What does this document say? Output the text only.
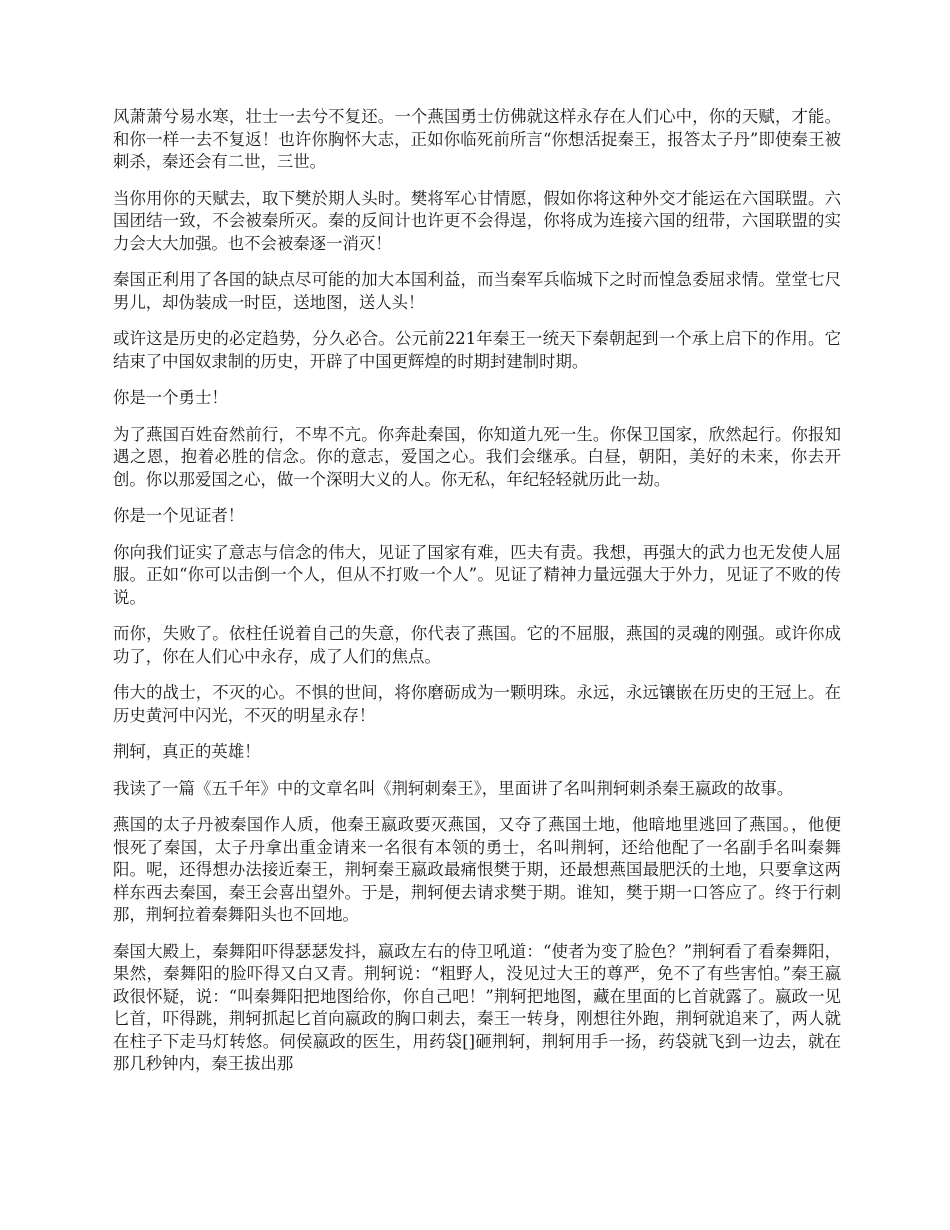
风萧萧兮易水寒，壮士一去兮不复还。一个燕国勇士仿佛就这样永存在人们心中，你的天赋，才能。和你一样一去不复返！也许你胸怀大志，正如你临死前所言“你想活捉秦王，报答太子丹”即使秦王被刺杀，秦还会有二世，三世。

当你用你的天赋去，取下樊於期人头时。樊将军心甘情愿，假如你将这种外交才能运在六国联盟。六国团结一致，不会被秦所灭。秦的反间计也许更不会得逞，你将成为连接六国的纽带，六国联盟的实力会大大加强。也不会被秦逐一消灭！

秦国正利用了各国的缺点尽可能的加大本国利益，而当秦军兵临城下之时而惶急委屈求情。堂堂七尺男儿，却伪装成一时臣，送地图，送人头！

或许这是历史的必定趋势，分久必合。公元前221年秦王一统天下秦朝起到一个承上启下的作用。它结束了中国奴隶制的历史，开辟了中国更辉煌的时期封建制时期。

你是一个勇士！

为了燕国百姓奋然前行，不卑不亢。你奔赴秦国，你知道九死一生。你保卫国家，欣然起行。你报知遇之恩，抱着必胜的信念。你的意志，爱国之心。我们会继承。白昼，朝阳，美好的未来，你去开创。你以那爱国之心，做一个深明大义的人。你无私，年纪轻轻就历此一劫。

你是一个见证者！

你向我们证实了意志与信念的伟大，见证了国家有难，匹夫有责。我想，再强大的武力也无发使人屈服。正如“你可以击倒一个人，但从不打败一个人”。见证了精神力量远强大于外力，见证了不败的传说。

而你，失败了。依柱任说着自己的失意，你代表了燕国。它的不屈服，燕国的灵魂的刚强。或许你成功了，你在人们心中永存，成了人们的焦点。

伟大的战士，不灭的心。不惧的世间，将你磨砺成为一颗明珠。永远，永远镶嵌在历史的王冠上。在历史黄河中闪光，不灭的明星永存！

荆轲，真正的英雄！

我读了一篇《五千年》中的文章名叫《荆轲刺秦王》，里面讲了名叫荆轲刺杀秦王嬴政的故事。

燕国的太子丹被秦国作人质，他秦王嬴政要灭燕国，又夺了燕国土地，他暗地里逃回了燕国。，他便恨死了秦国，太子丹拿出重金请来一名很有本领的勇士，名叫荆轲，还给他配了一名副手名叫秦舞阳。呢，还得想办法接近秦王，荆轲秦王嬴政最痛恨樊于期，还最想燕国最肥沃的土地，只要拿这两样东西去秦国，秦王会喜出望外。于是，荆轲便去请求樊于期。谁知，樊于期一口答应了。终于行刺那，荆轲拉着秦舞阳头也不回地。

秦国大殿上，秦舞阳吓得瑟瑟发抖，嬴政左右的侍卫吼道：“使者为变了脸色？”荆轲看了看秦舞阳，果然，秦舞阳的脸吓得又白又青。荆轲说：“粗野人，没见过大王的尊严，免不了有些害怕。”秦王嬴政很怀疑，说：“叫秦舞阳把地图给你，你自己吧！”荆轲把地图，藏在里面的匕首就露了。嬴政一见匕首，吓得跳，荆轲抓起匕首向嬴政的胸口刺去，秦王一转身，刚想往外跑，荆轲就追来了，两人就在柱子下走马灯转悠。伺侯嬴政的医生，用药袋[]砸荆轲，荆轲用手一扬，药袋就飞到一边去，就在那几秒钟内，秦王拔出那
